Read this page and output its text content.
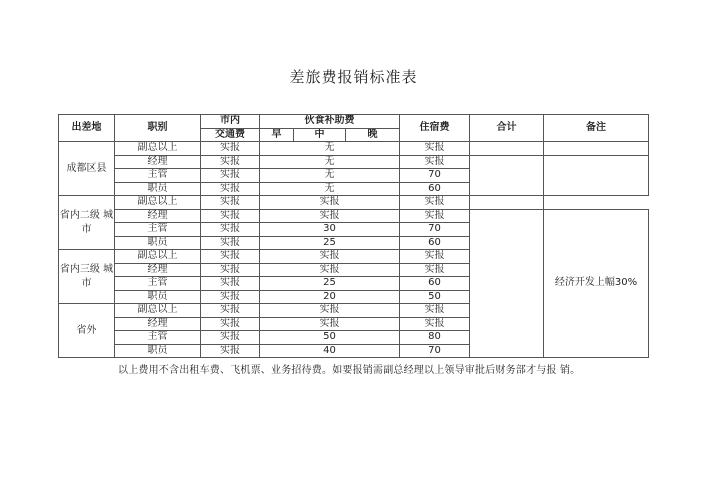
差旅费报销标准表
出差地	职别	市内	伙食补助费			住宿费	合计	备注
		交通费	早	中	晚			
成都区县	副总以上	实报	无			实报		
	经理	实报	无			实报		
	主管	实报	无			70		
	职员	实报	无			60		
省内二级 城市	副总以上	实报	实报			实报		
	经理	实报	实报			实报		经济开发上幅30%
	主管	实报	30			70		
	职员	实报	25			60		
省内三级 城市	副总以上	实报	实报			实报		
	经理	实报	实报			实报		
	主管	实报	25			60		
	职员	实报	20			50		
省外	副总以上	实报	实报			实报		
	经理	实报	实报			实报		
	主管	实报	50			80		
	职员	实报	40			70		
以上费用不含出租车费、飞机票、业务招待费。如要报销需副总经理以上领导审批后财务部才与报 销。
